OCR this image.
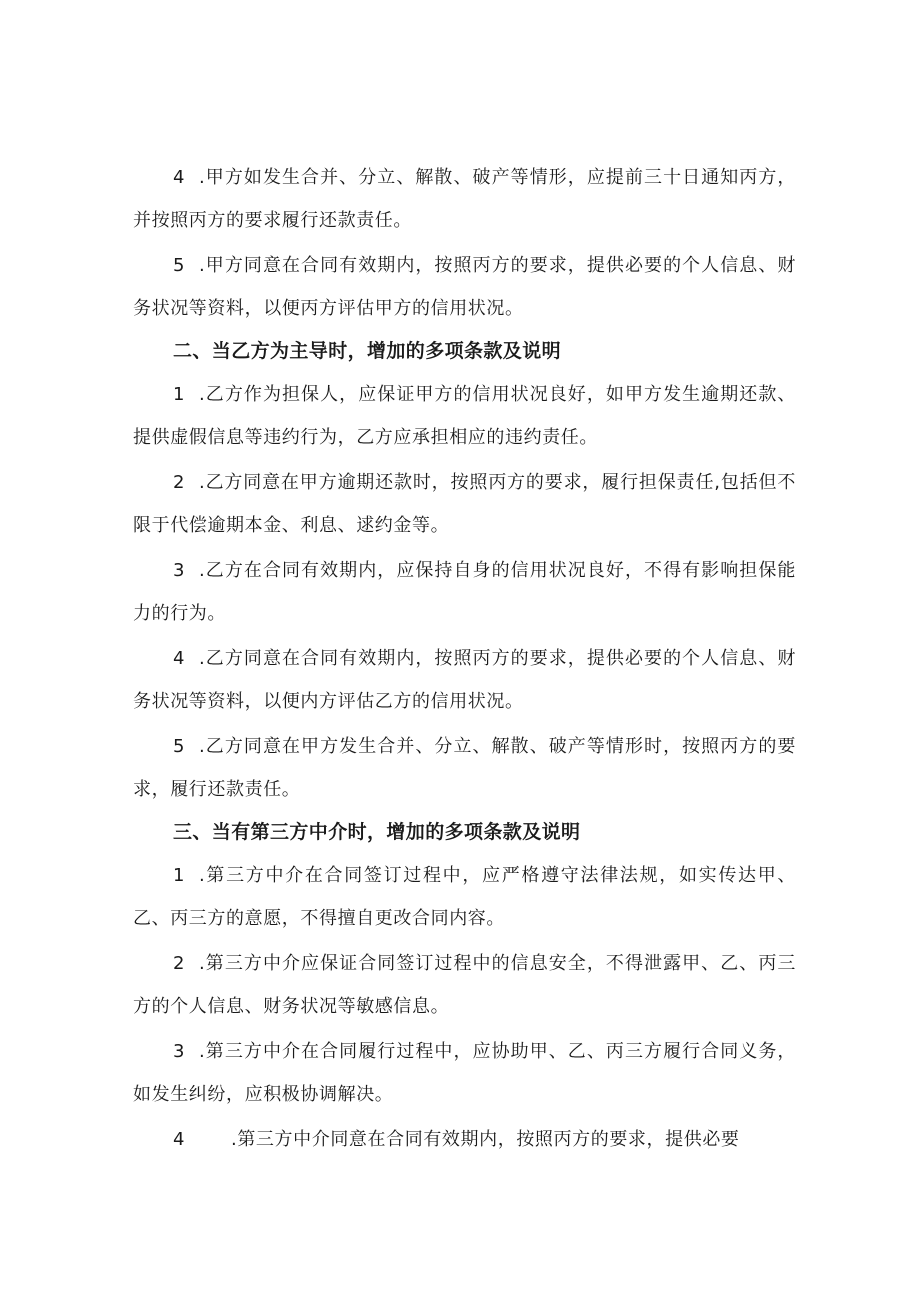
4 .甲方如发生合并、分立、解散、破产等情形，应提前三十日通知丙方，并按照丙方的要求履行还款责任。

5 .甲方同意在合同有效期内，按照丙方的要求，提供必要的个人信息、财务状况等资料，以便丙方评估甲方的信用状况。

二、当乙方为主导时，增加的多项条款及说明

1 .乙方作为担保人，应保证甲方的信用状况良好，如甲方发生逾期还款、提供虚假信息等违约行为，乙方应承担相应的违约责任。

2 .乙方同意在甲方逾期还款时，按照丙方的要求，履行担保责任,包括但不限于代偿逾期本金、利息、逑约金等。

3 .乙方在合同有效期内，应保持自身的信用状况良好，不得有影响担保能力的行为。

4 .乙方同意在合同有效期内，按照丙方的要求，提供必要的个人信息、财务状况等资料，以便内方评估乙方的信用状况。

5 .乙方同意在甲方发生合并、分立、解散、破产等情形时，按照丙方的要求，履行还款责任。

三、当有第三方中介时，增加的多项条款及说明

1 .第三方中介在合同签订过程中，应严格遵守法律法规，如实传达甲、乙、丙三方的意愿，不得擅自更改合同内容。

2 .第三方中介应保证合同签订过程中的信息安全，不得泄露甲、乙、丙三方的个人信息、财务状况等敏感信息。

3 .第三方中介在合同履行过程中，应协助甲、乙、丙三方履行合同义务，如发生纠纷，应积极协调解决。

4	.第三方中介同意在合同有效期内，按照丙方的要求，提供必要
